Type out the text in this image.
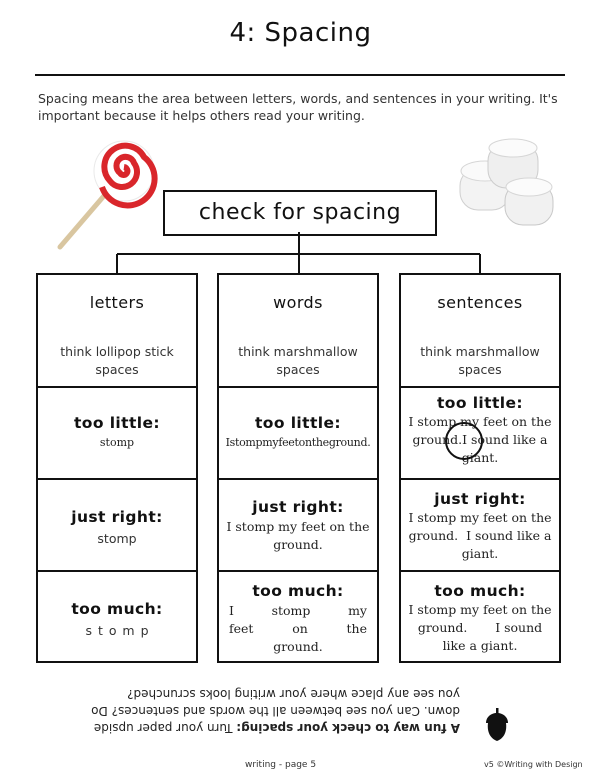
4: Spacing
Spacing means the area between letters, words, and sentences in your writing. It's important because it helps others read your writing.
check for spacing
letters
think lollipop stick spaces
too little:
stomp
just right:
stomp
too much:
s t o m p
words
think marshmallow spaces
too little:
Istompmyfeetontheground.
just right:
I stomp my feet on the ground.
too much:
I      stomp      my      feet      on      the      ground.
sentences
think marshmallow spaces
too little:
I stomp my feet on the ground.I sound like a giant.
just right:
I stomp my feet on the ground.  I sound like a giant.
too much:
I stomp my feet on the ground.       I sound like a giant.
A fun way to check your spacing: Turn your paper upside down. Can you see between all the words and sentences? Do you see any place where your writing looks scrunched?
writing - page 5	v5 ©Writing with Design
